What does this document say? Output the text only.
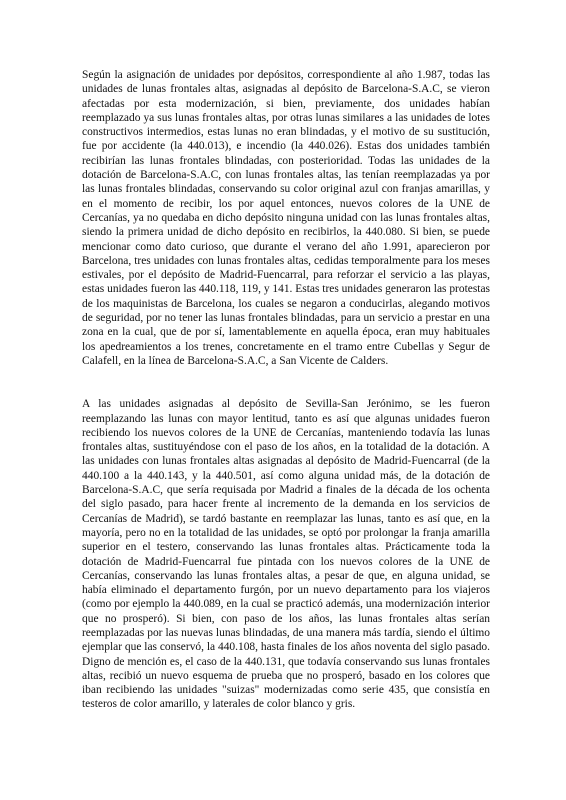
Según la asignación de unidades por depósitos, correspondiente al año 1.987, todas las unidades de lunas frontales altas, asignadas al depósito de Barcelona-S.A.C, se vieron afectadas por esta modernización, si bien, previamente, dos unidades habían reemplazado ya sus lunas frontales altas, por otras lunas similares a las unidades de lotes constructivos intermedios, estas lunas no eran blindadas, y el motivo de su sustitución, fue por accidente (la 440.013), e incendio (la 440.026). Estas dos unidades también recibirían las lunas frontales blindadas, con posterioridad. Todas las unidades de la dotación de Barcelona-S.A.C, con lunas frontales altas, las tenían reemplazadas ya por las lunas frontales blindadas, conservando su color original azul con franjas amarillas, y en el momento de recibir, los por aquel entonces, nuevos colores de la UNE de Cercanías, ya no quedaba en dicho depósito ninguna unidad con las lunas frontales altas, siendo la primera unidad de dicho depósito en recibirlos, la 440.080. Si bien, se puede mencionar como dato curioso, que durante el verano del año 1.991, aparecieron por Barcelona, tres unidades con lunas frontales altas, cedidas temporalmente para los meses estivales, por el depósito de Madrid-Fuencarral, para reforzar el servicio a las playas, estas unidades fueron las 440.118, 119, y 141. Estas tres unidades generaron las protestas de los maquinistas de Barcelona, los cuales se negaron a conducirlas, alegando motivos de seguridad, por no tener las lunas frontales blindadas, para un servicio a prestar en una zona en la cual, que de por sí, lamentablemente en aquella época, eran muy habituales los apedreamientos a los trenes, concretamente en el tramo entre Cubellas y Segur de Calafell, en la línea de Barcelona-S.A.C, a San Vicente de Calders.

A las unidades asignadas al depósito de Sevilla-San Jerónimo, se les fueron reemplazando las lunas con mayor lentitud, tanto es así que algunas unidades fueron recibiendo los nuevos colores de la UNE de Cercanías, manteniendo todavía las lunas frontales altas, sustituyéndose con el paso de los años, en la totalidad de la dotación. A las unidades con lunas frontales altas asignadas al depósito de Madrid-Fuencarral (de la 440.100 a la 440.143, y la 440.501, así como alguna unidad más, de la dotación de Barcelona-S.A.C, que sería requisada por Madrid a finales de la década de los ochenta del siglo pasado, para hacer frente al incremento de la demanda en los servicios de Cercanías de Madrid), se tardó bastante en reemplazar las lunas, tanto es así que, en la mayoría, pero no en la totalidad de las unidades, se optó por prolongar la franja amarilla superior en el testero, conservando las lunas frontales altas. Prácticamente toda la dotación de Madrid-Fuencarral fue pintada con los nuevos colores de la UNE de Cercanías, conservando las lunas frontales altas, a pesar de que, en alguna unidad, se había eliminado el departamento furgón, por un nuevo departamento para los viajeros (como por ejemplo la 440.089, en la cual se practicó además, una modernización interior que no prosperó). Si bien, con paso de los años, las lunas frontales altas serían reemplazadas por las nuevas lunas blindadas, de una manera más tardía, siendo el último ejemplar que las conservó, la 440.108, hasta finales de los años noventa del siglo pasado. Digno de mención es, el caso de la 440.131, que todavía conservando sus lunas frontales altas, recibió un nuevo esquema de prueba que no prosperó, basado en los colores que iban recibiendo las unidades "suizas" modernizadas como serie 435, que consistía en testeros de color amarillo, y laterales de color blanco y gris.
